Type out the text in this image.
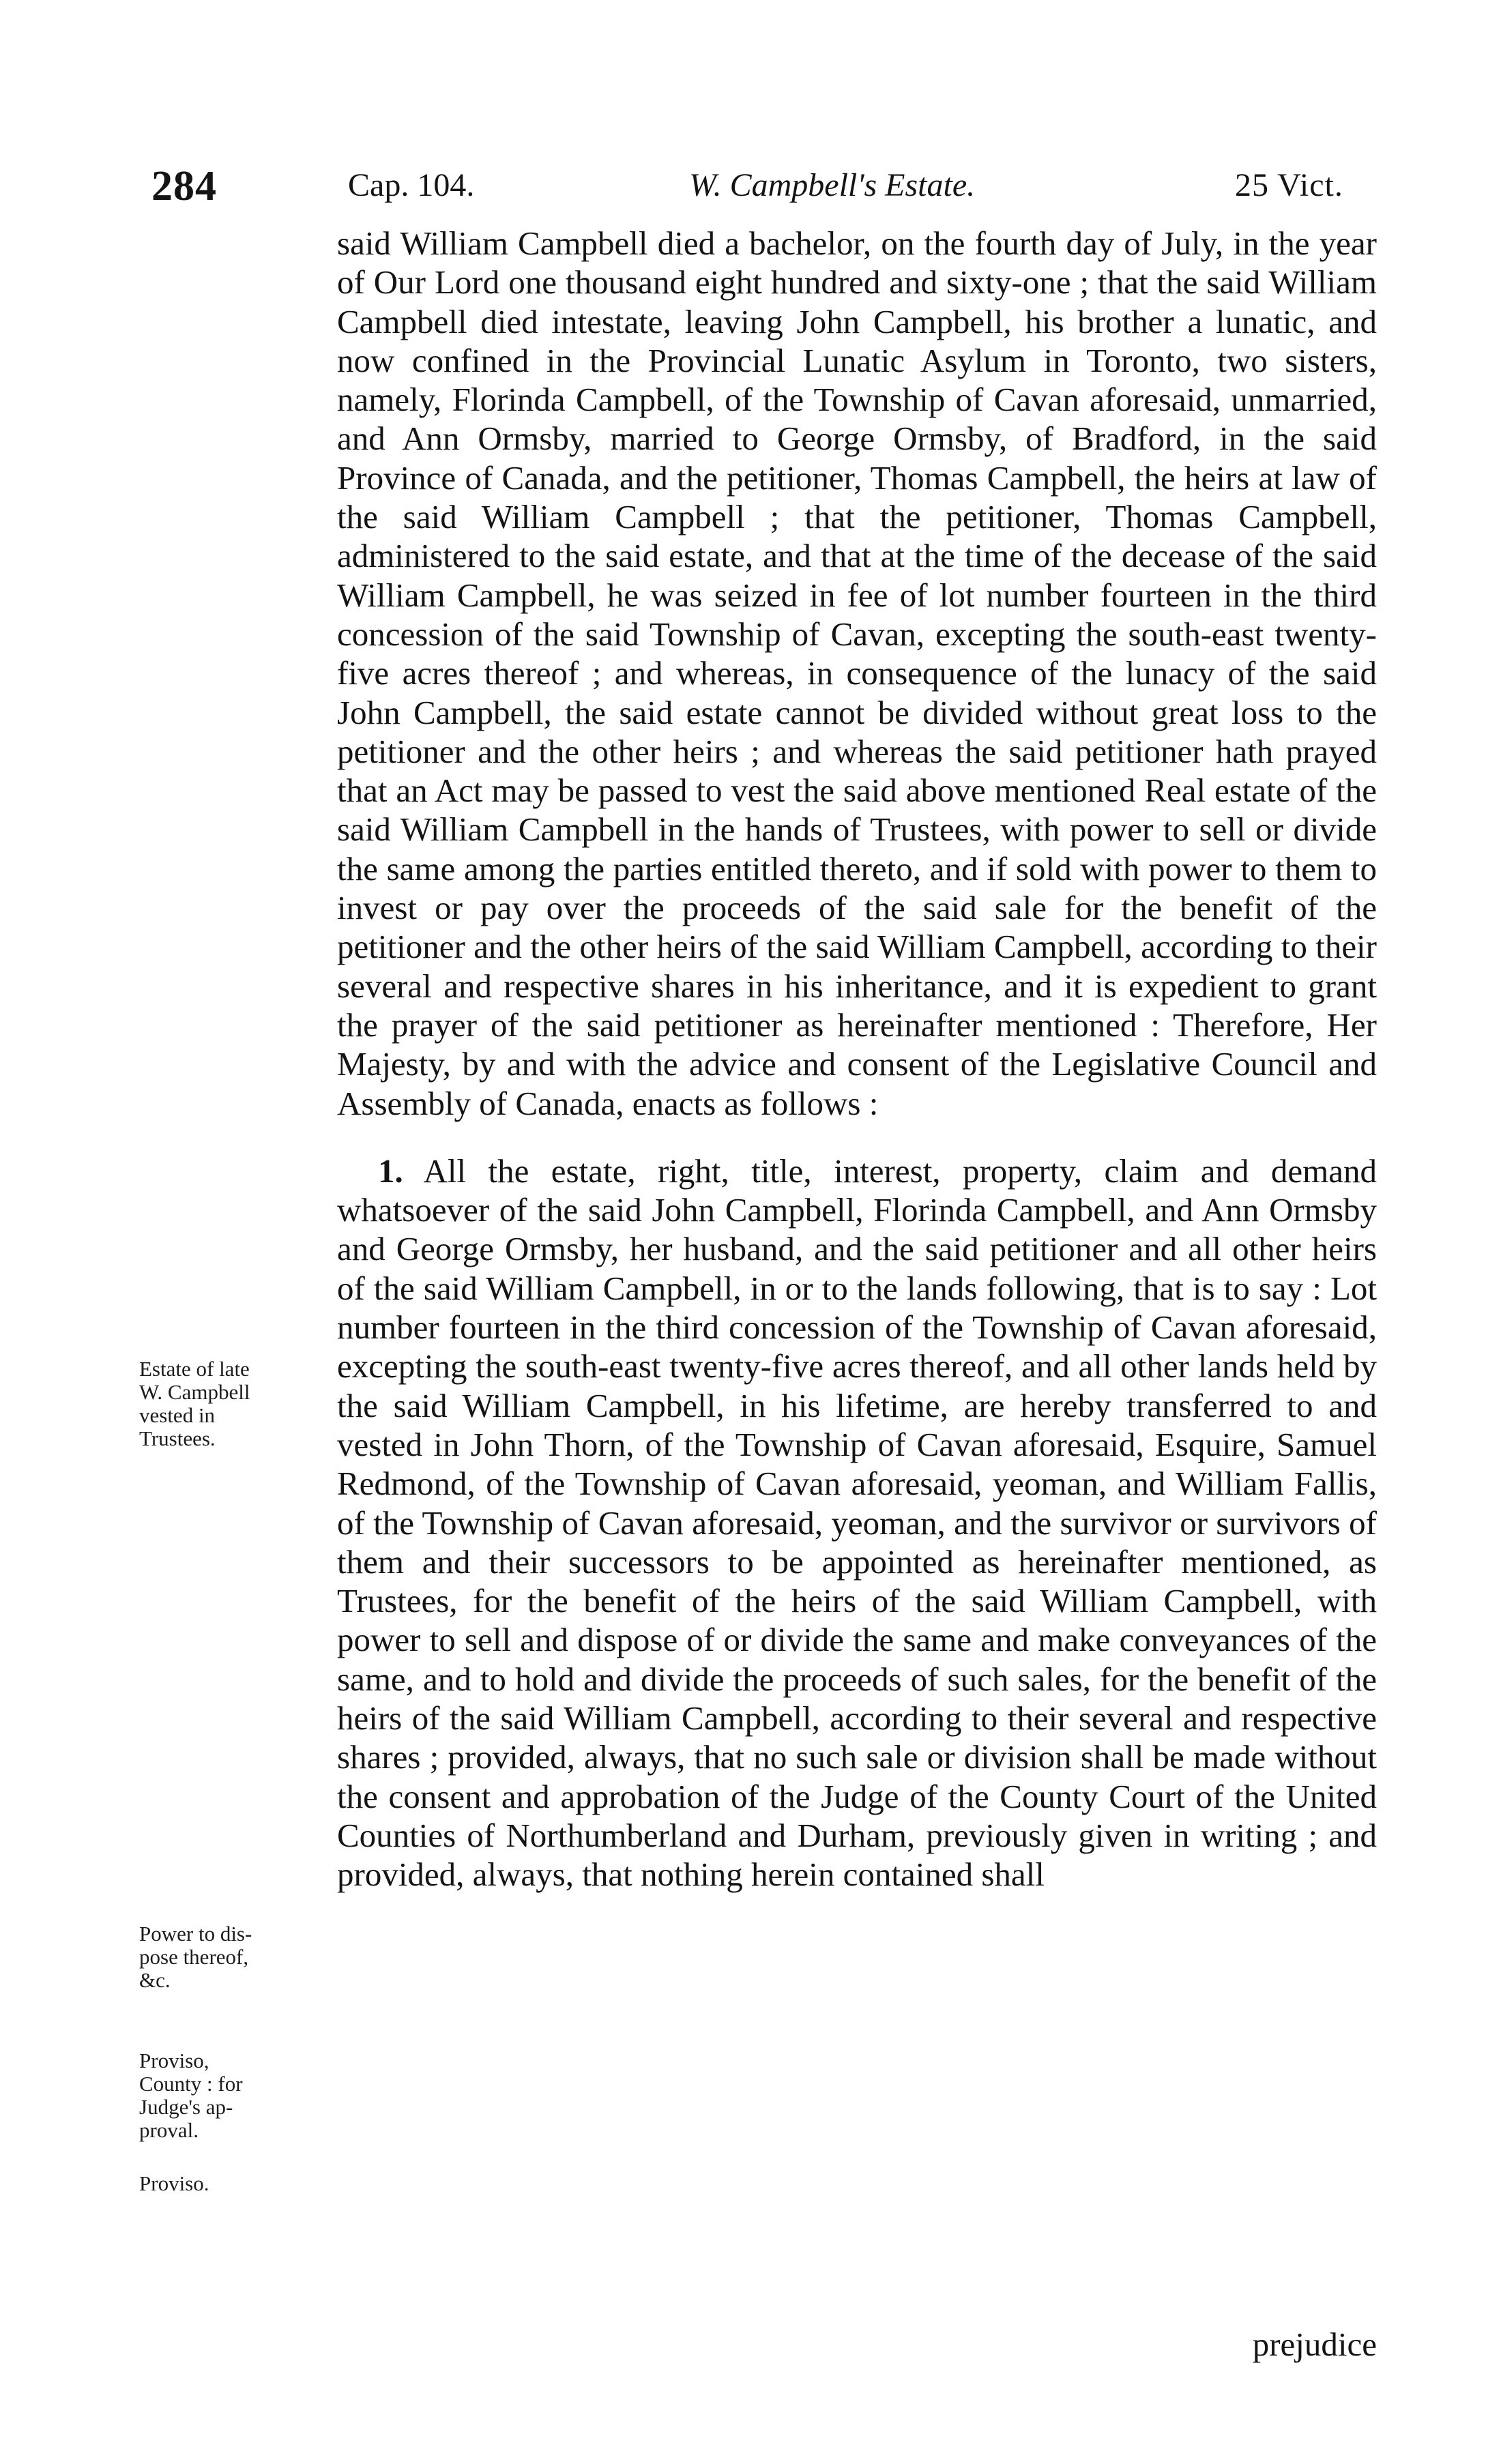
284	Cap. 104.	W. Campbell's Estate.	25 Vict.

said William Campbell died a bachelor, on the fourth day of July, in the year of Our Lord one thousand eight hundred and sixty-one ; that the said William Campbell died intestate, leaving John Campbell, his brother a lunatic, and now confined in the Provincial Lunatic Asylum in Toronto, two sisters, namely, Florinda Campbell, of the Township of Cavan aforesaid, unmarried, and Ann Ormsby, married to George Ormsby, of Bradford, in the said Province of Canada, and the petitioner, Thomas Campbell, the heirs at law of the said William Campbell ; that the petitioner, Thomas Campbell, administered to the said estate, and that at the time of the decease of the said William Campbell, he was seized in fee of lot number fourteen in the third concession of the said Township of Cavan, excepting the south-east twenty-five acres thereof ; and whereas, in consequence of the lunacy of the said John Campbell, the said estate cannot be divided without great loss to the petitioner and the other heirs ; and whereas the said petitioner hath prayed that an Act may be passed to vest the said above mentioned Real estate of the said William Campbell in the hands of Trustees, with power to sell or divide the same among the parties entitled thereto, and if sold with power to them to invest or pay over the proceeds of the said sale for the benefit of the petitioner and the other heirs of the said William Campbell, according to their several and respective shares in his inheritance, and it is expedient to grant the prayer of the said petitioner as hereinafter mentioned : Therefore, Her Majesty, by and with the advice and consent of the Legislative Council and Assembly of Canada, enacts as follows :

1. All the estate, right, title, interest, property, claim and demand whatsoever of the said John Campbell, Florinda Campbell, and Ann Ormsby and George Ormsby, her husband, and the said petitioner and all other heirs of the said William Campbell, in or to the lands following, that is to say : Lot number fourteen in the third concession of the Township of Cavan aforesaid, excepting the south-east twenty-five acres thereof, and all other lands held by the said William Campbell, in his lifetime, are hereby transferred to and vested in John Thorn, of the Township of Cavan aforesaid, Esquire, Samuel Redmond, of the Township of Cavan aforesaid, yeoman, and William Fallis, of the Township of Cavan aforesaid, yeoman, and the survivor or survivors of them and their successors to be appointed as hereinafter mentioned, as Trustees, for the benefit of the heirs of the said William Campbell, with power to sell and dispose of or divide the same and make conveyances of the same, and to hold and divide the proceeds of such sales, for the benefit of the heirs of the said William Campbell, according to their several and respective shares ; provided, always, that no such sale or division shall be made without the consent and approbation of the Judge of the County Court of the United Counties of Northumberland and Durham, previously given in writing ; and provided, always, that nothing herein contained shall

prejudice
Estate of late
W. Campbell
vested in
Trustees.
Power to dis-
pose thereof,
&c.
Proviso,
County : for
Judge's ap-
proval.
Proviso.
